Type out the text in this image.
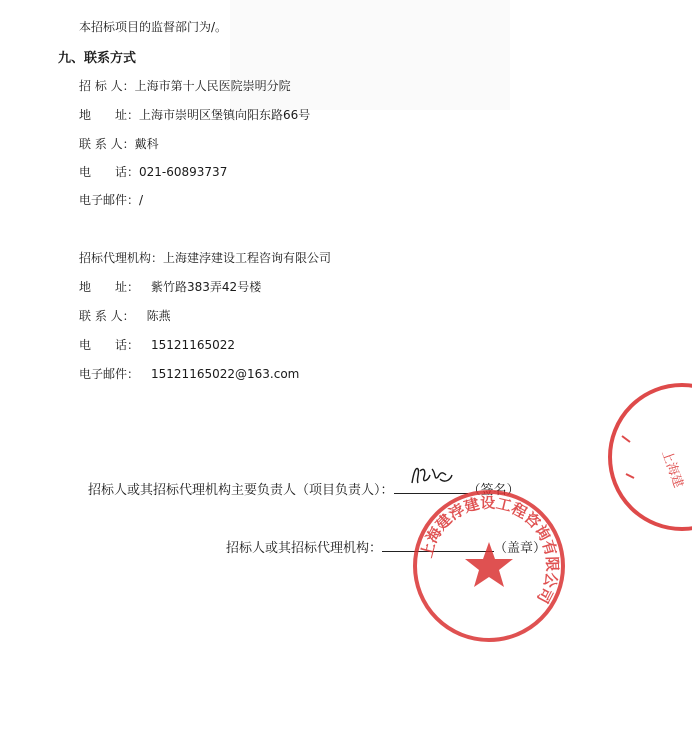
本招标项目的监督部门为/。
九、联系方式
招 标 人：上海市第十人民医院崇明分院
地　　址：上海市崇明区堡镇向阳东路66号
联 系 人：戴科
电　　话：021-60893737
电子邮件：/
招标代理机构：上海建浡建设工程咨询有限公司
地　　址： 紫竹路383弄42号楼
联 系 人： 陈燕
电　　话： 15121165022
电子邮件： 15121165022@163.com
招标人或其招标代理机构主要负责人（项目负责人）：	（签名）
招标人或其招标代理机构：	（盖章）
上海建
上海建浡建设工程咨询有限公司
